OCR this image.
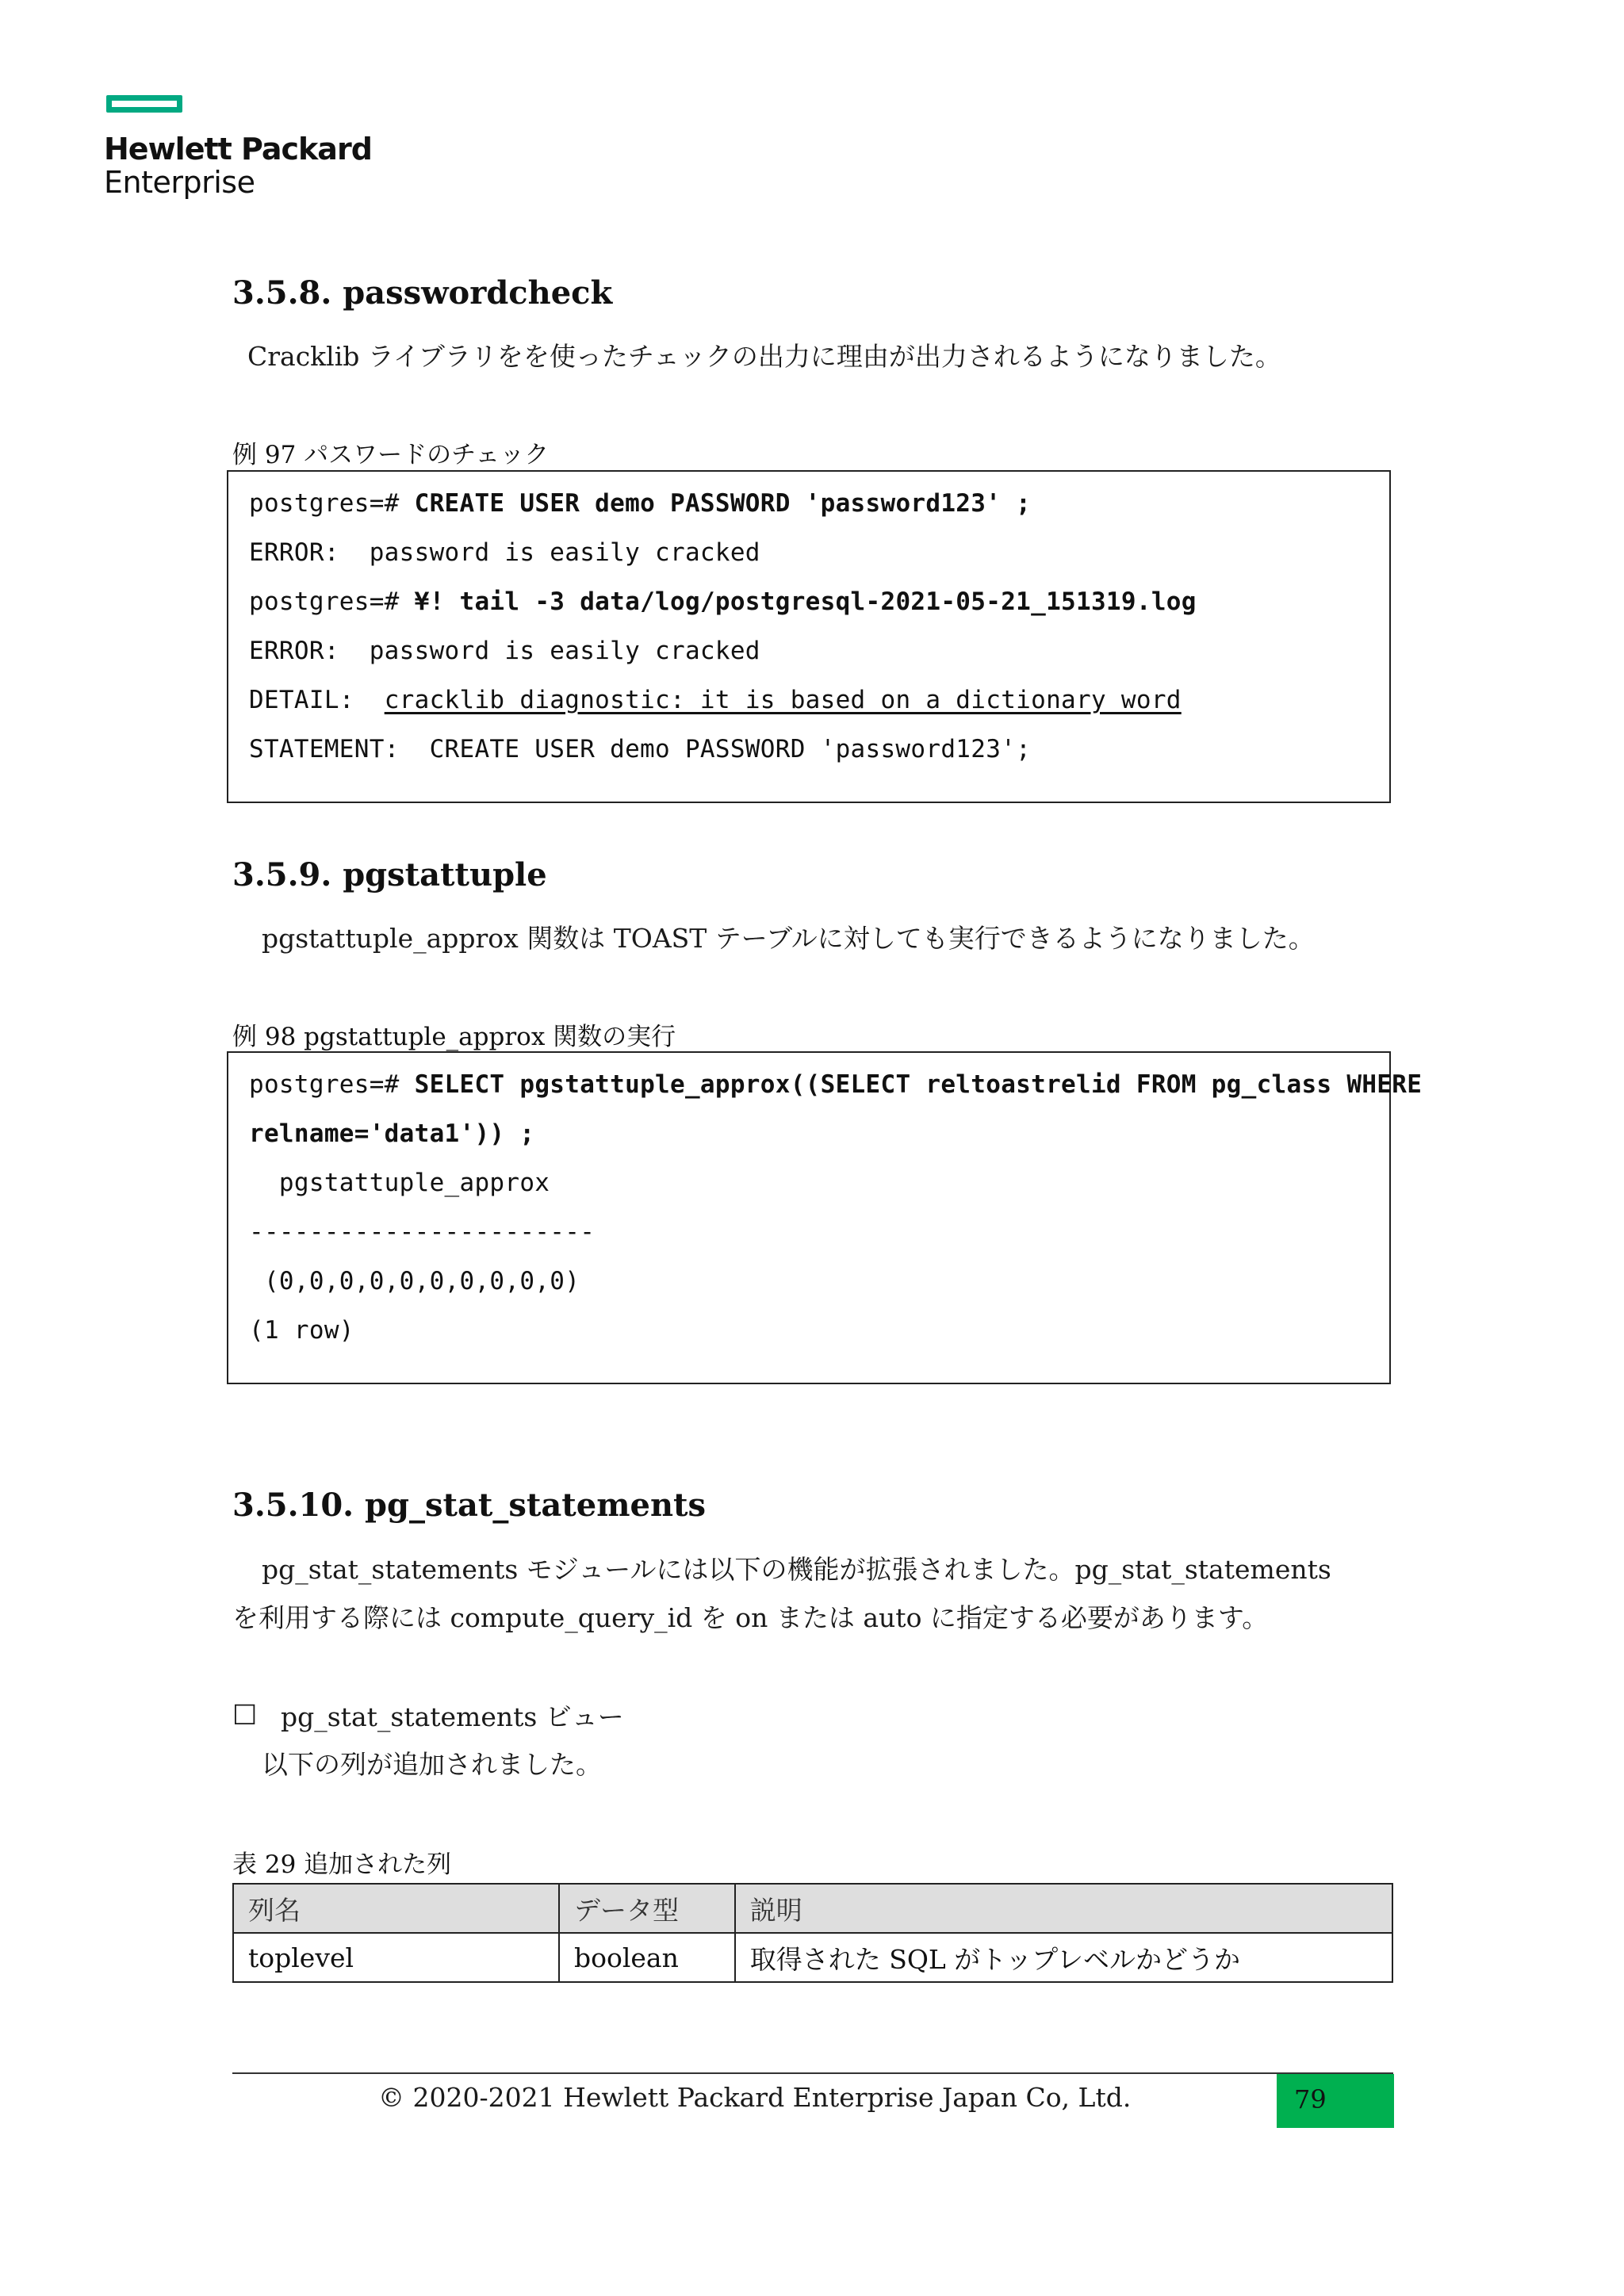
Hewlett Packard
Enterprise
3.5.8. passwordcheck
Cracklib ライブラリをを使ったチェックの出力に理由が出力されるようになりました。
例 97 パスワードのチェック
postgres=# CREATE USER demo PASSWORD 'password123' ;
ERROR:  password is easily cracked
postgres=# ¥! tail -3 data/log/postgresql-2021-05-21_151319.log
ERROR:  password is easily cracked
DETAIL:  cracklib diagnostic: it is based on a dictionary word
STATEMENT:  CREATE USER demo PASSWORD 'password123';
3.5.9. pgstattuple
pgstattuple_approx 関数は TOAST テーブルに対しても実行できるようになりました。
例 98 pgstattuple_approx 関数の実行
postgres=# SELECT pgstattuple_approx((SELECT reltoastrelid FROM pg_class WHERE
relname='data1')) ;
pgstattuple_approx
-----------------------
(0,0,0,0,0,0,0,0,0,0)
(1 row)
3.5.10. pg_stat_statements
pg_stat_statements モジュールには以下の機能が拡張されました。pg_stat_statements
を利用する際には compute_query_id を on または auto に指定する必要があります。
□ pg_stat_statements ビュー
以下の列が追加されました。
表 29 追加された列
列名	データ型	説明
toplevel	boolean	取得された SQL がトップレベルかどうか
© 2020-2021 Hewlett Packard Enterprise Japan Co, Ltd.	79
